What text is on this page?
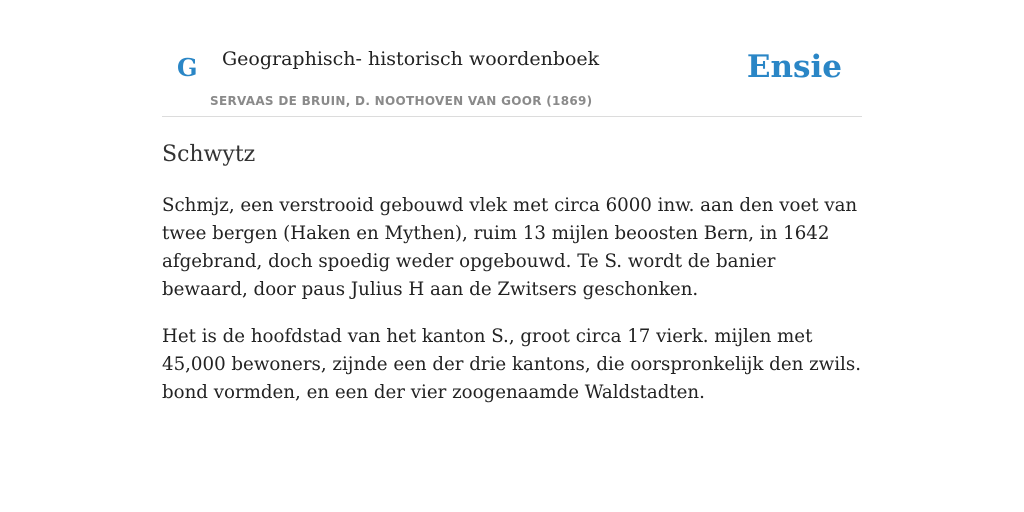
G Geographisch- historisch woordenboek
SERVAAS DE BRUIN, D. NOOTHOVEN VAN GOOR (1869)
Ensie
Schwytz

Schmjz, een verstrooid gebouwd vlek met circa 6000 inw. aan den voet van twee bergen (Haken en Mythen), ruim 13 mijlen beoosten Bern, in 1642 afgebrand, doch spoedig weder opgebouwd. Te S. wordt de banier bewaard, door paus Julius H aan de Zwitsers geschonken.

Het is de hoofdstad van het kanton S., groot circa 17 vierk. mijlen met 45,000 bewoners, zijnde een der drie kantons, die oorspronkelijk den zwils. bond vormden, en een der vier zoogenaamde Waldstadten.
